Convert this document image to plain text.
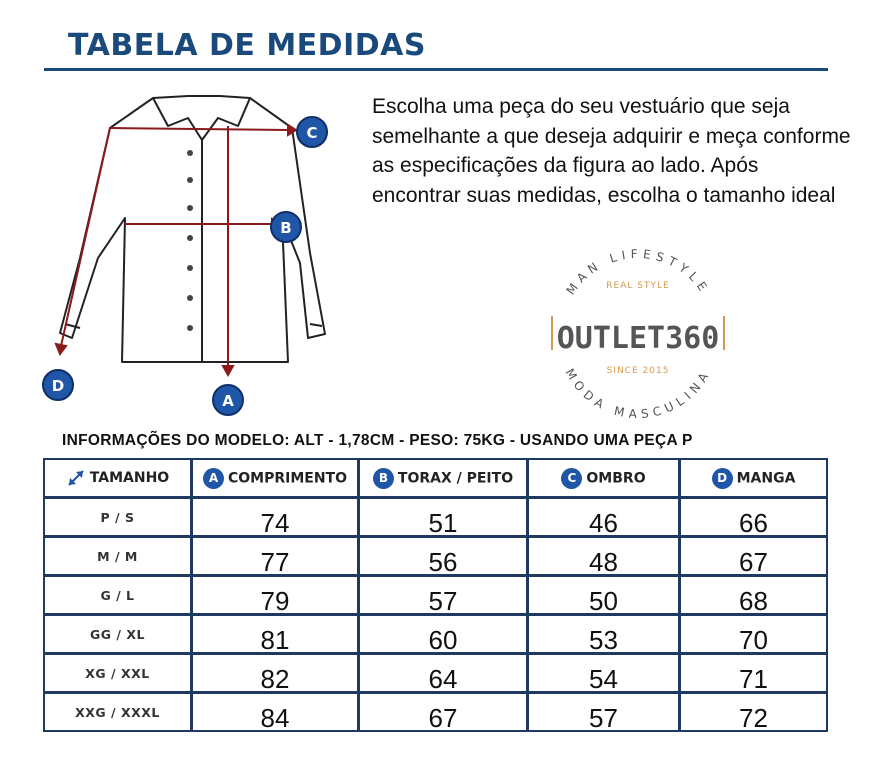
TABELA DE MEDIDAS
A
B
C
D

Escolha uma peça do seu vestuário que seja semelhante a que deseja adquirir e meça conforme as especificações da figura ao lado. Após encontrar suas medidas, escolha o tamanho ideal

MAN LIFESTYLE
MODA MASCULINA
REAL STYLE
OUTLET360
SINCE 2015

INFORMAÇÕES DO MODELO: ALT - 1,78CM - PESO: 75KG - USANDO UMA PEÇA P

TAMANHO	A COMPRIMENTO	B TORAX / PEITO	C OMBRO	D MANGA
P / S	74	51	46	66
M / M	77	56	48	67
G / L	79	57	50	68
GG / XL	81	60	53	70
XG / XXL	82	64	54	71
XXG / XXXL	84	67	57	72
